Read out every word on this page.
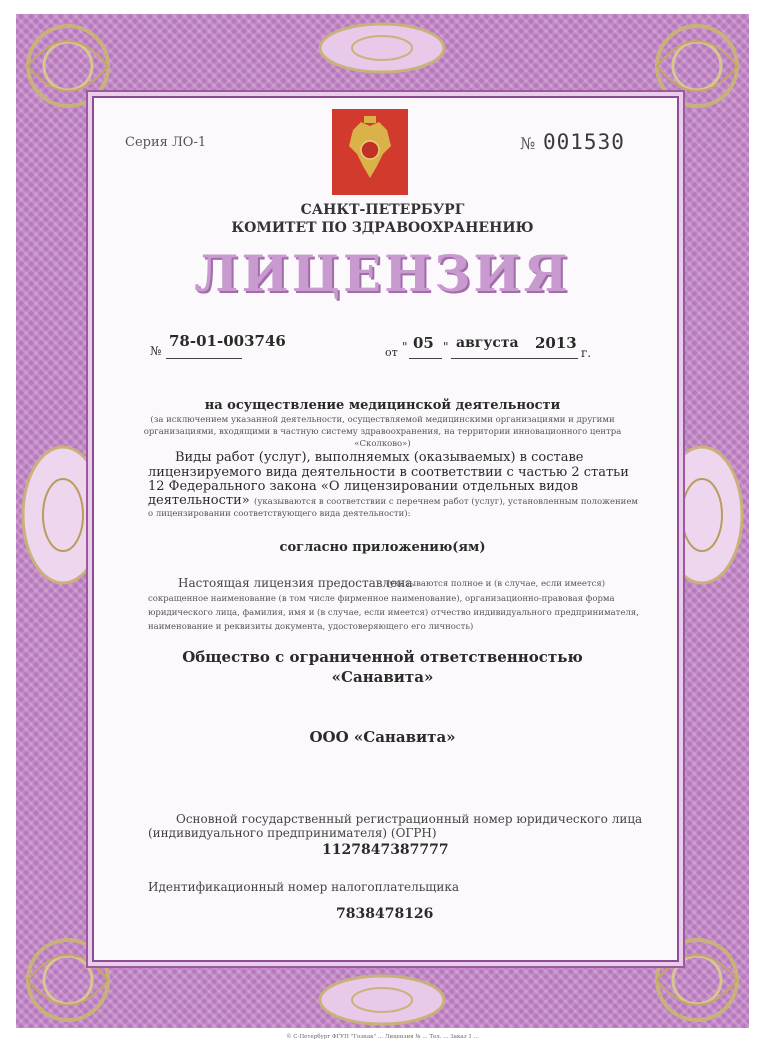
Серия ЛО-1	№ 001530
САНКТ-ПЕТЕРБУРГ
КОМИТЕТ ПО ЗДРАВООХРАНЕНИЮ
ЛИЦЕНЗИЯ
№
78-01-003746
от " 05 " августа 2013
г.
на осуществление медицинской деятельности
(за исключением указанной деятельности, осуществляемой медицинскими организациями и другими
организациями, входящими в частную систему здравоохранения, на территории инновационного центра
«Сколково»)
Виды работ (услуг), выполняемых (оказываемых) в составе
лицензируемого вида деятельности в соответствии с частью 2 статьи
12 Федерального закона «О лицензировании отдельных видов
деятельности» (указываются в соответствии с перечнем работ (услуг), установленным положением
о лицензировании соответствующего вида деятельности):
согласно приложению(ям)
Настоящая лицензия предоставлена
(указываются полное и (в случае, если имеется)
сокращенное наименование (в том числе фирменное наименование), организационно-правовая форма
юридического лица, фамилия, имя и (в случае, если имеется) отчество индивидуального предпринимателя,
наименование и реквизиты документа, удостоверяющего его личность)
Общество с ограниченной ответственностью
«Санавита»
ООО «Санавита»
Основной государственный регистрационный номер юридического лица
(индивидуального предпринимателя) (ОГРН)
1127847387777
Идентификационный номер налогоплательщика
7838478126
© С-Петербург ФГУП "Гознак" ... Лицензия № ... Тел. ... Заказ 1 ...
